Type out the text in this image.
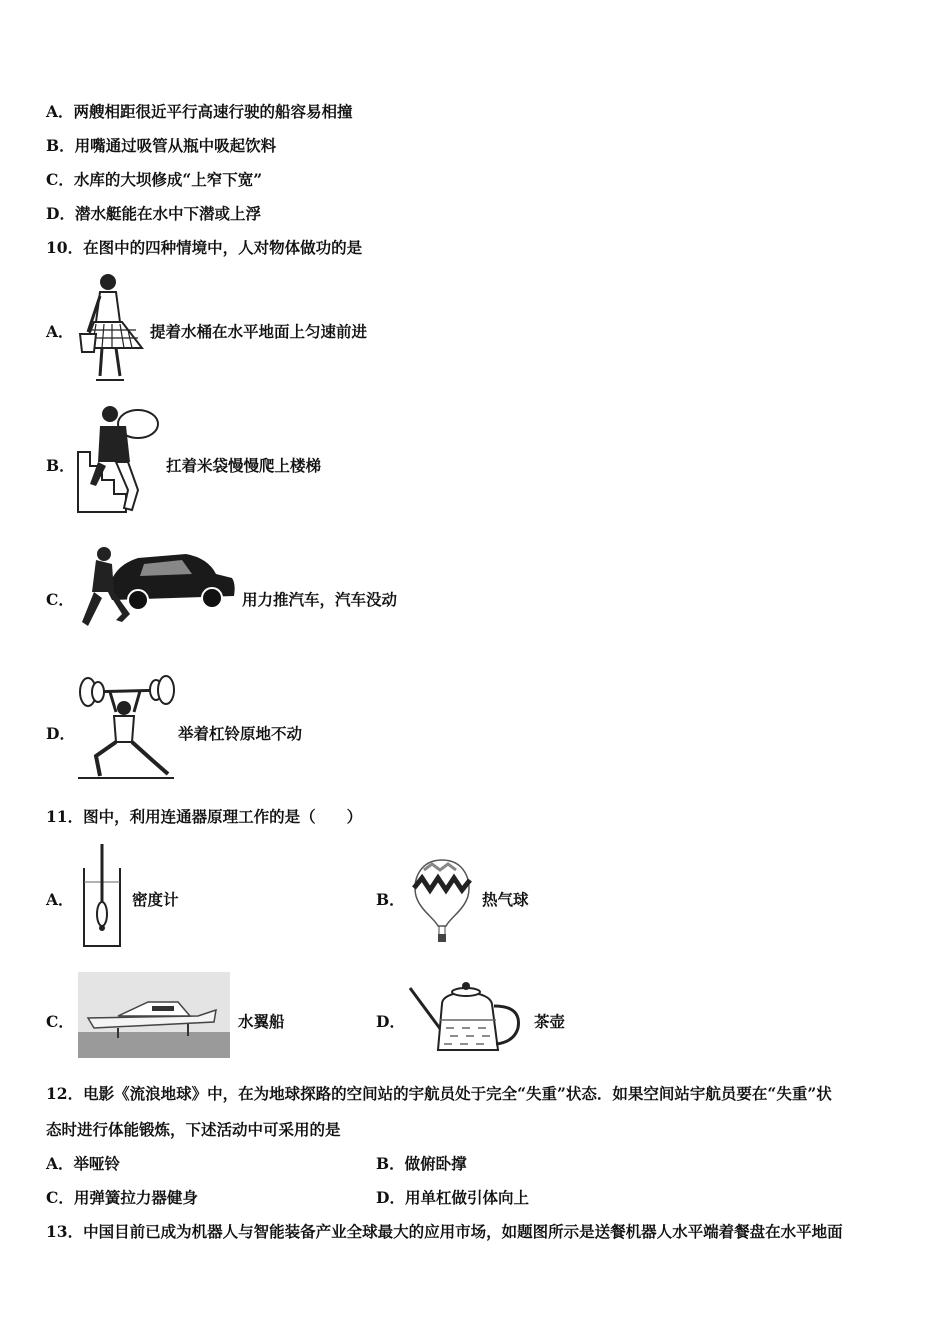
A．两艘相距很近平行高速行驶的船容易相撞
B．用嘴通过吸管从瓶中吸起饮料
C．水库的大坝修成“上窄下宽”
D．潜水艇能在水中下潜或上浮
10．在图中的四种情境中，人对物体做功的是
A．	提着水桶在水平地面上匀速前进
B．	扛着米袋慢慢爬上楼梯
C．	用力推汽车，汽车没动
D．	举着杠铃原地不动
11．图中，利用连通器原理工作的是（　　）
A．	密度计	B．	热气球
C．	水翼船	D．	茶壶
12．电影《流浪地球》中，在为地球探路的空间站的宇航员处于完全“失重”状态．如果空间站宇航员要在“失重”状
态时进行体能锻炼，下述活动中可采用的是
A．举哑铃	B．做俯卧撑
C．用弹簧拉力器健身	D．用单杠做引体向上
13．中国目前已成为机器人与智能装备产业全球最大的应用市场，如题图所示是送餐机器人水平端着餐盘在水平地面
